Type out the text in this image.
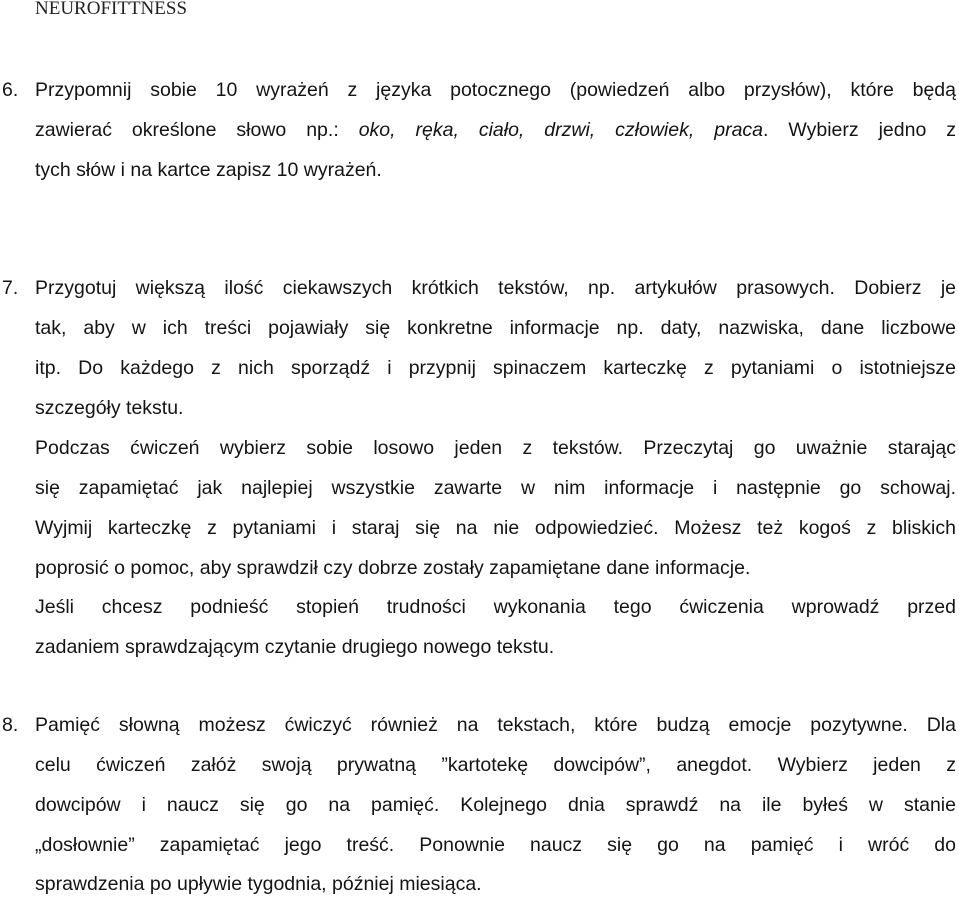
NEUROFITTNESS
6. Przypomnij sobie 10 wyrażeń z języka potocznego (powiedzeń albo przysłów), które będą
zawierać określone słowo np.: oko, ręka, ciało, drzwi, człowiek, praca. Wybierz jedno z
tych słów i na kartce zapisz 10 wyrażeń.
7. Przygotuj większą ilość ciekawszych krótkich tekstów, np. artykułów prasowych. Dobierz je
tak, aby w ich treści pojawiały się konkretne informacje np. daty, nazwiska, dane liczbowe
itp. Do każdego z nich sporządź i przypnij spinaczem karteczkę z pytaniami o istotniejsze
szczegóły tekstu.
Podczas ćwiczeń wybierz sobie losowo jeden z tekstów. Przeczytaj go uważnie starając
się zapamiętać jak najlepiej wszystkie zawarte w nim informacje i następnie go schowaj.
Wyjmij karteczkę z pytaniami i staraj się na nie odpowiedzieć. Możesz też kogoś z bliskich
poprosić o pomoc, aby sprawdził czy dobrze zostały zapamiętane dane informacje.
Jeśli chcesz podnieść stopień trudności wykonania tego ćwiczenia wprowadź przed
zadaniem sprawdzającym czytanie drugiego nowego tekstu.
8. Pamięć słowną możesz ćwiczyć również na tekstach, które budzą emocje pozytywne. Dla
celu ćwiczeń załóż swoją prywatną ”kartotekę dowcipów”, anegdot. Wybierz jeden z
dowcipów i naucz się go na pamięć. Kolejnego dnia sprawdź na ile byłeś w stanie
„dosłownie” zapamiętać jego treść. Ponownie naucz się go na pamięć i wróć do
sprawdzenia po upływie tygodnia, później miesiąca.
